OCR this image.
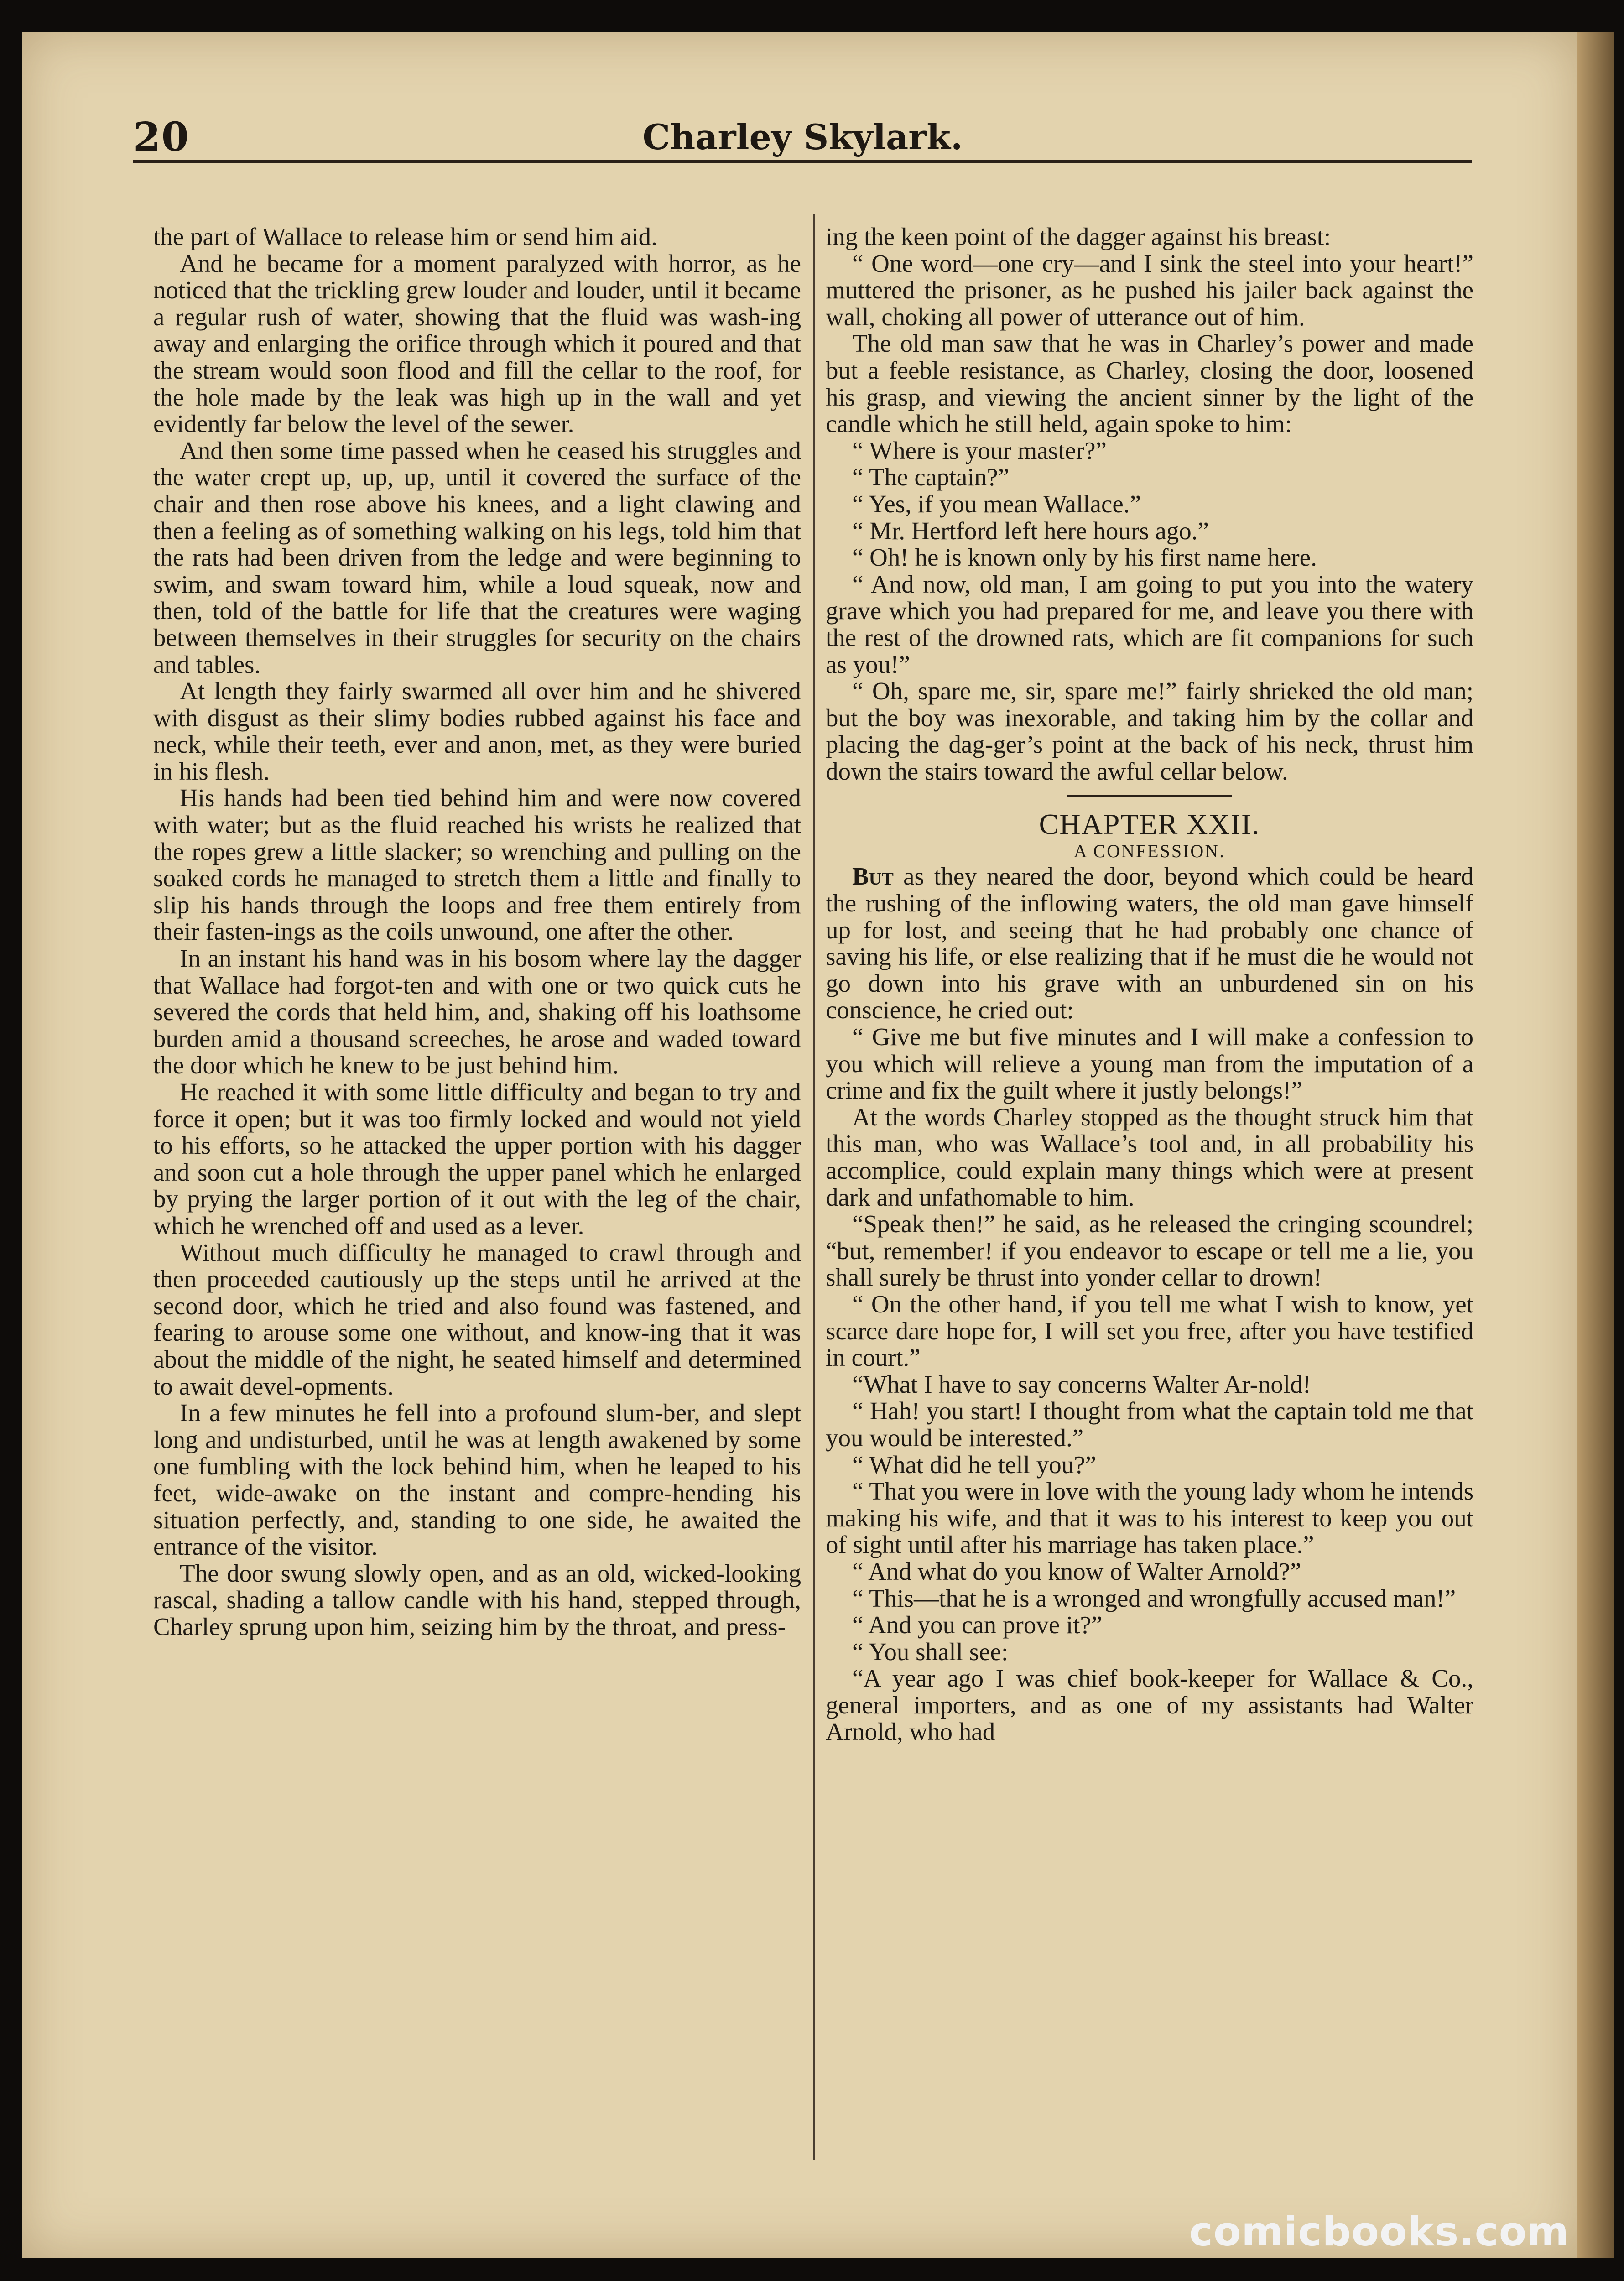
20	Charley Skylark.

the part of Wallace to release him or send him aid.

And he became for a moment paralyzed with horror, as he noticed that the trickling grew louder and louder, until it became a regular rush of water, showing that the fluid was wash-ing away and enlarging the orifice through which it poured and that the stream would soon flood and fill the cellar to the roof, for the hole made by the leak was high up in the wall and yet evidently far below the level of the sewer.

And then some time passed when he ceased his struggles and the water crept up, up, up, until it covered the surface of the chair and then rose above his knees, and a light clawing and then a feeling as of something walking on his legs, told him that the rats had been driven from the ledge and were beginning to swim, and swam toward him, while a loud squeak, now and then, told of the battle for life that the creatures were waging between themselves in their struggles for security on the chairs and tables.

At length they fairly swarmed all over him and he shivered with disgust as their slimy bodies rubbed against his face and neck, while their teeth, ever and anon, met, as they were buried in his flesh.

His hands had been tied behind him and were now covered with water; but as the fluid reached his wrists he realized that the ropes grew a little slacker; so wrenching and pulling on the soaked cords he managed to stretch them a little and finally to slip his hands through the loops and free them entirely from their fasten-ings as the coils unwound, one after the other.

In an instant his hand was in his bosom where lay the dagger that Wallace had forgot-ten and with one or two quick cuts he severed the cords that held him, and, shaking off his loathsome burden amid a thousand screeches, he arose and waded toward the door which he knew to be just behind him.

He reached it with some little difficulty and began to try and force it open; but it was too firmly locked and would not yield to his efforts, so he attacked the upper portion with his dagger and soon cut a hole through the upper panel which he enlarged by prying the larger portion of it out with the leg of the chair, which he wrenched off and used as a lever.

Without much difficulty he managed to crawl through and then proceeded cautiously up the steps until he arrived at the second door, which he tried and also found was fastened, and fearing to arouse some one without, and know-ing that it was about the middle of the night, he seated himself and determined to await devel-opments.

In a few minutes he fell into a profound slum-ber, and slept long and undisturbed, until he was at length awakened by some one fumbling with the lock behind him, when he leaped to his feet, wide-awake on the instant and compre-hending his situation perfectly, and, standing to one side, he awaited the entrance of the visitor.

The door swung slowly open, and as an old, wicked-looking rascal, shading a tallow candle with his hand, stepped through, Charley sprung upon him, seizing him by the throat, and press-

ing the keen point of the dagger against his breast:

“ One word—one cry—and I sink the steel into your heart!” muttered the prisoner, as he pushed his jailer back against the wall, choking all power of utterance out of him.

The old man saw that he was in Charley’s power and made but a feeble resistance, as Charley, closing the door, loosened his grasp, and viewing the ancient sinner by the light of the candle which he still held, again spoke to him:

“ Where is your master?”

“ The captain?”

“ Yes, if you mean Wallace.”

“ Mr. Hertford left here hours ago.”

“ Oh! he is known only by his first name here.

“ And now, old man, I am going to put you into the watery grave which you had prepared for me, and leave you there with the rest of the drowned rats, which are fit companions for such as you!”

“ Oh, spare me, sir, spare me!” fairly shrieked the old man; but the boy was inexorable, and taking him by the collar and placing the dag-ger’s point at the back of his neck, thrust him down the stairs toward the awful cellar below.

CHAPTER XXII.

A CONFESSION.

But as they neared the door, beyond which could be heard the rushing of the inflowing waters, the old man gave himself up for lost, and seeing that he had probably one chance of saving his life, or else realizing that if he must die he would not go down into his grave with an unburdened sin on his conscience, he cried out:

“ Give me but five minutes and I will make a confession to you which will relieve a young man from the imputation of a crime and fix the guilt where it justly belongs!”

At the words Charley stopped as the thought struck him that this man, who was Wallace’s tool and, in all probability his accomplice, could explain many things which were at present dark and unfathomable to him.

“Speak then!” he said, as he released the cringing scoundrel; “but, remember! if you endeavor to escape or tell me a lie, you shall surely be thrust into yonder cellar to drown!

“ On the other hand, if you tell me what I wish to know, yet scarce dare hope for, I will set you free, after you have testified in court.”

“What I have to say concerns Walter Ar-nold!

“ Hah! you start! I thought from what the captain told me that you would be interested.”

“ What did he tell you?”

“ That you were in love with the young lady whom he intends making his wife, and that it was to his interest to keep you out of sight until after his marriage has taken place.”

“ And what do you know of Walter Arnold?”

“ This—that he is a wronged and wrongfully accused man!”

“ And you can prove it?”

“ You shall see:

“A year ago I was chief book-keeper for Wallace & Co., general importers, and as one of my assistants had Walter Arnold, who had

comicbooks.com
